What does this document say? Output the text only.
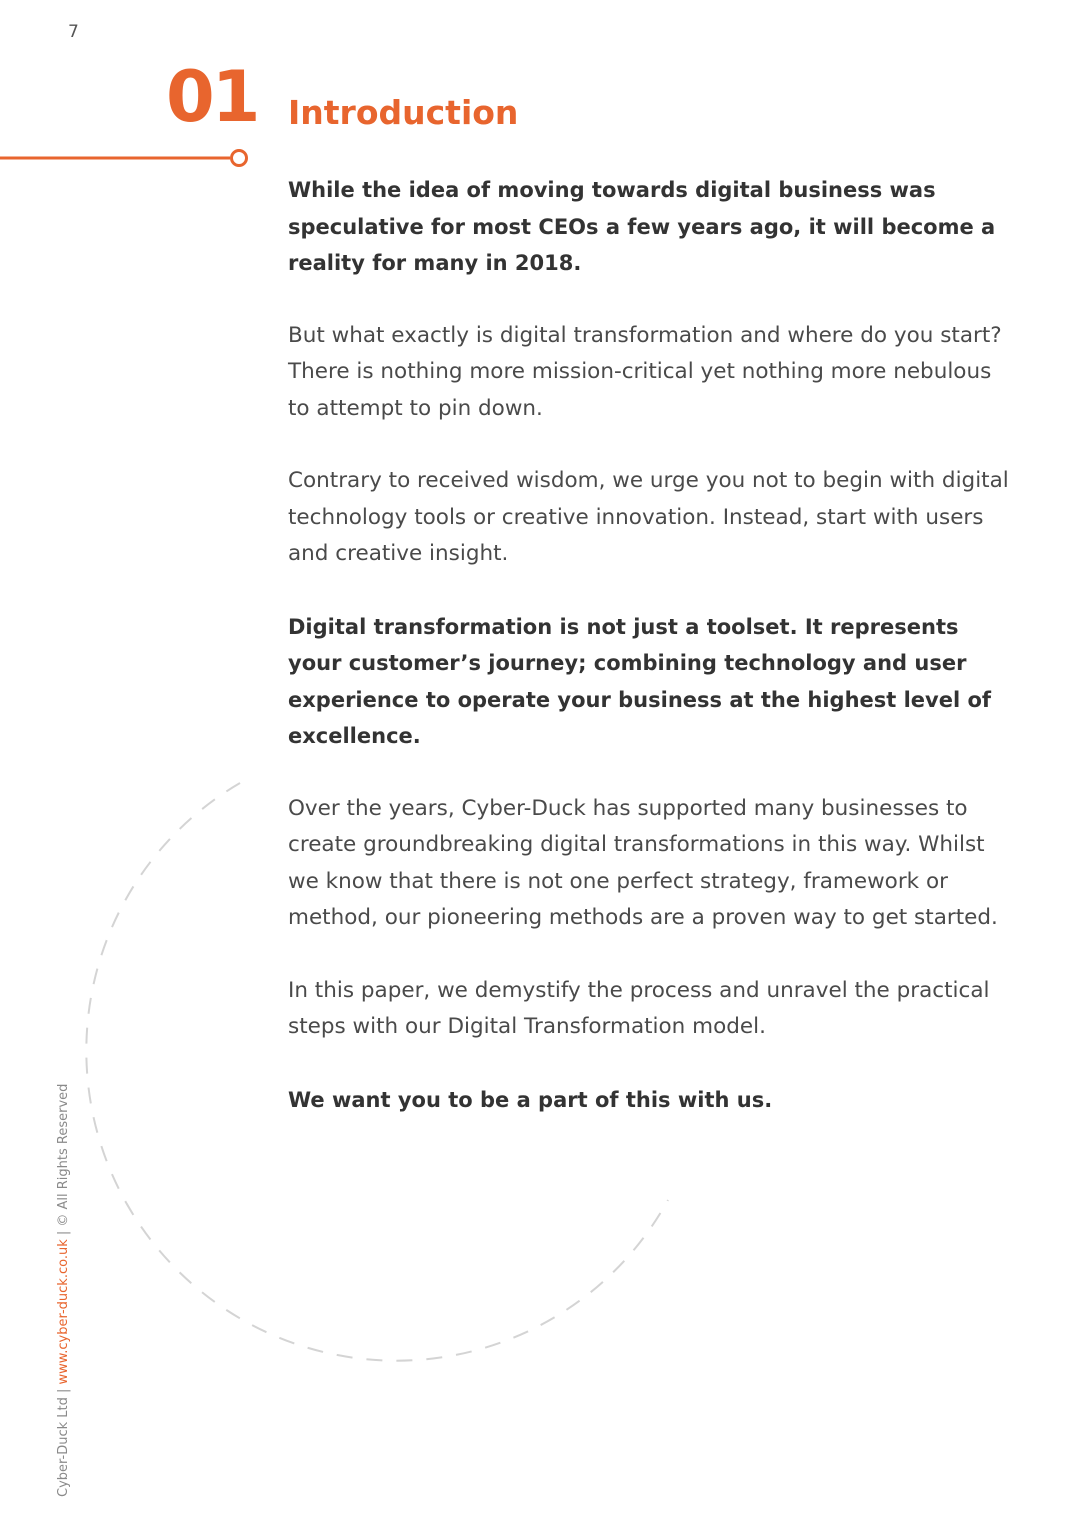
7
01 Introduction

While the idea of moving towards digital business was speculative for most CEOs a few years ago, it will become a reality for many in 2018.

But what exactly is digital transformation and where do you start? There is nothing more mission-critical yet nothing more nebulous to attempt to pin down.

Contrary to received wisdom, we urge you not to begin with digital technology tools or creative innovation. Instead, start with users and creative insight.

Digital transformation is not just a toolset. It represents your customer’s journey; combining technology and user experience to operate your business at the highest level of excellence.

Over the years, Cyber-Duck has supported many businesses to create groundbreaking digital transformations in this way. Whilst we know that there is not one perfect strategy, framework or method, our pioneering methods are a proven way to get started.

In this paper, we demystify the process and unravel the practical steps with our Digital Transformation model.

We want you to be a part of this with us.

Cyber-Duck Ltd | www.cyber-duck.co.uk | © All Rights Reserved
